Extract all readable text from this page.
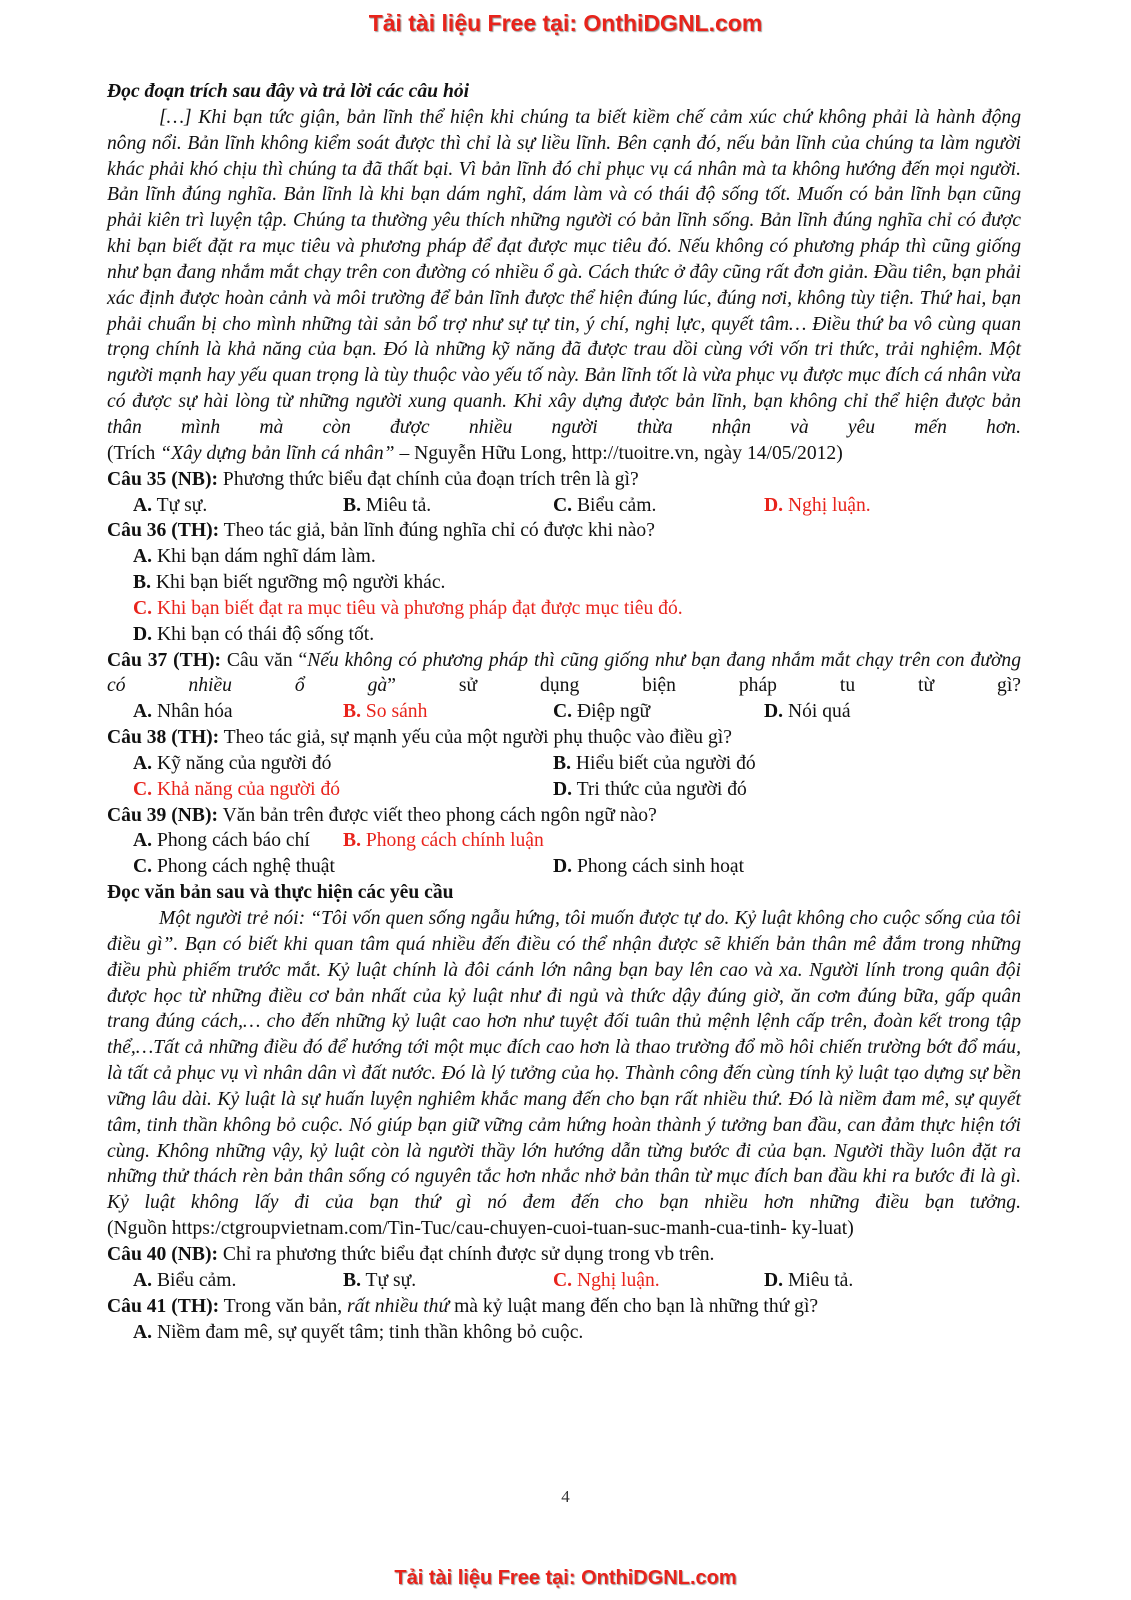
Tải tài liệu Free tại: OnthiDGNL.com
Đọc đoạn trích sau đây và trả lời các câu hỏi
[…] Khi bạn tức giận, bản lĩnh thể hiện khi chúng ta biết kiềm chế cảm xúc chứ không phải là hành động nông nổi. Bản lĩnh không kiểm soát được thì chỉ là sự liều lĩnh. Bên cạnh đó, nếu bản lĩnh của chúng ta làm người khác phải khó chịu thì chúng ta đã thất bại. Vì bản lĩnh đó chỉ phục vụ cá nhân mà ta không hướng đến mọi người. Bản lĩnh đúng nghĩa. Bản lĩnh là khi bạn dám nghĩ, dám làm và có thái độ sống tốt. Muốn có bản lĩnh bạn cũng phải kiên trì luyện tập. Chúng ta thường yêu thích những người có bản lĩnh sống. Bản lĩnh đúng nghĩa chỉ có được khi bạn biết đặt ra mục tiêu và phương pháp để đạt được mục tiêu đó. Nếu không có phương pháp thì cũng giống như bạn đang nhắm mắt chạy trên con đường có nhiều ổ gà. Cách thức ở đây cũng rất đơn giản. Đầu tiên, bạn phải xác định được hoàn cảnh và môi trường để bản lĩnh được thể hiện đúng lúc, đúng nơi, không tùy tiện. Thứ hai, bạn phải chuẩn bị cho mình những tài sản bổ trợ như sự tự tin, ý chí, nghị lực, quyết tâm… Điều thứ ba vô cùng quan trọng chính là khả năng của bạn. Đó là những kỹ năng đã được trau dồi cùng với vốn tri thức, trải nghiệm. Một người mạnh hay yếu quan trọng là tùy thuộc vào yếu tố này. Bản lĩnh tốt là vừa phục vụ được mục đích cá nhân vừa có được sự hài lòng từ những người xung quanh. Khi xây dựng được bản lĩnh, bạn không chỉ thể hiện được bản thân mình mà còn được nhiều người thừa nhận và yêu mến hơn.
(Trích “Xây dựng bản lĩnh cá nhân” – Nguyễn Hữu Long, http://tuoitre.vn, ngày 14/05/2012)
Câu 35 (NB): Phương thức biểu đạt chính của đoạn trích trên là gì?
A. Tự sự.	B. Miêu tả.	C. Biểu cảm.	D. Nghị luận.
Câu 36 (TH): Theo tác giả, bản lĩnh đúng nghĩa chỉ có được khi nào?
A. Khi bạn dám nghĩ dám làm.
B. Khi bạn biết ngưỡng mộ người khác.
C. Khi bạn biết đạt ra mục tiêu và phương pháp đạt được mục tiêu đó.
D. Khi bạn có thái độ sống tốt.
Câu 37 (TH): Câu văn “Nếu không có phương pháp thì cũng giống như bạn đang nhắm mắt chạy trên con đường có nhiều ổ gà” sử dụng biện pháp tu từ gì?
A. Nhân hóa	B. So sánh	C. Điệp ngữ	D. Nói quá
Câu 38 (TH): Theo tác giả, sự mạnh yếu của một người phụ thuộc vào điều gì?
A. Kỹ năng của người đó	B. Hiểu biết của người đó
C. Khả năng của người đó	D. Tri thức của người đó
Câu 39 (NB): Văn bản trên được viết theo phong cách ngôn ngữ nào?
A. Phong cách báo chí B. Phong cách chính luận
C. Phong cách nghệ thuật	D. Phong cách sinh hoạt
Đọc văn bản sau và thực hiện các yêu cầu
Một người trẻ nói: “Tôi vốn quen sống ngẫu hứng, tôi muốn được tự do. Kỷ luật không cho cuộc sống của tôi điều gì”. Bạn có biết khi quan tâm quá nhiều đến điều có thể nhận được sẽ khiến bản thân mê đắm trong những điều phù phiếm trước mắt. Kỷ luật chính là đôi cánh lớn nâng bạn bay lên cao và xa. Người lính trong quân đội được học từ những điều cơ bản nhất của kỷ luật như đi ngủ và thức dậy đúng giờ, ăn cơm đúng bữa, gấp quân trang đúng cách,… cho đến những kỷ luật cao hơn như tuyệt đối tuân thủ mệnh lệnh cấp trên, đoàn kết trong tập thể,…Tất cả những điều đó để hướng tới một mục đích cao hơn là thao trường đổ mồ hôi chiến trường bớt đổ máu, là tất cả phục vụ vì nhân dân vì đất nước. Đó là lý tưởng của họ. Thành công đến cùng tính kỷ luật tạo dựng sự bền vững lâu dài. Kỷ luật là sự huấn luyện nghiêm khắc mang đến cho bạn rất nhiều thứ. Đó là niềm đam mê, sự quyết tâm, tinh thần không bỏ cuộc. Nó giúp bạn giữ vững cảm hứng hoàn thành ý tưởng ban đầu, can đảm thực hiện tới cùng. Không những vậy, kỷ luật còn là người thầy lớn hướng dẫn từng bước đi của bạn. Người thầy luôn đặt ra những thử thách rèn bản thân sống có nguyên tắc hơn nhắc nhở bản thân từ mục đích ban đầu khi ra bước đi là gì. Kỷ luật không lấy đi của bạn thứ gì nó đem đến cho bạn nhiều hơn những điều bạn tưởng.
(Nguồn https:/ctgroupvietnam.com/Tin-Tuc/cau-chuyen-cuoi-tuan-suc-manh-cua-tinh- ky-luat)
Câu 40 (NB): Chỉ ra phương thức biểu đạt chính được sử dụng trong vb trên.
A. Biểu cảm.	B. Tự sự.	C. Nghị luận.	D. Miêu tả.
Câu 41 (TH): Trong văn bản, rất nhiều thứ mà kỷ luật mang đến cho bạn là những thứ gì?
A. Niềm đam mê, sự quyết tâm; tinh thần không bỏ cuộc.
4
Tải tài liệu Free tại: OnthiDGNL.com
